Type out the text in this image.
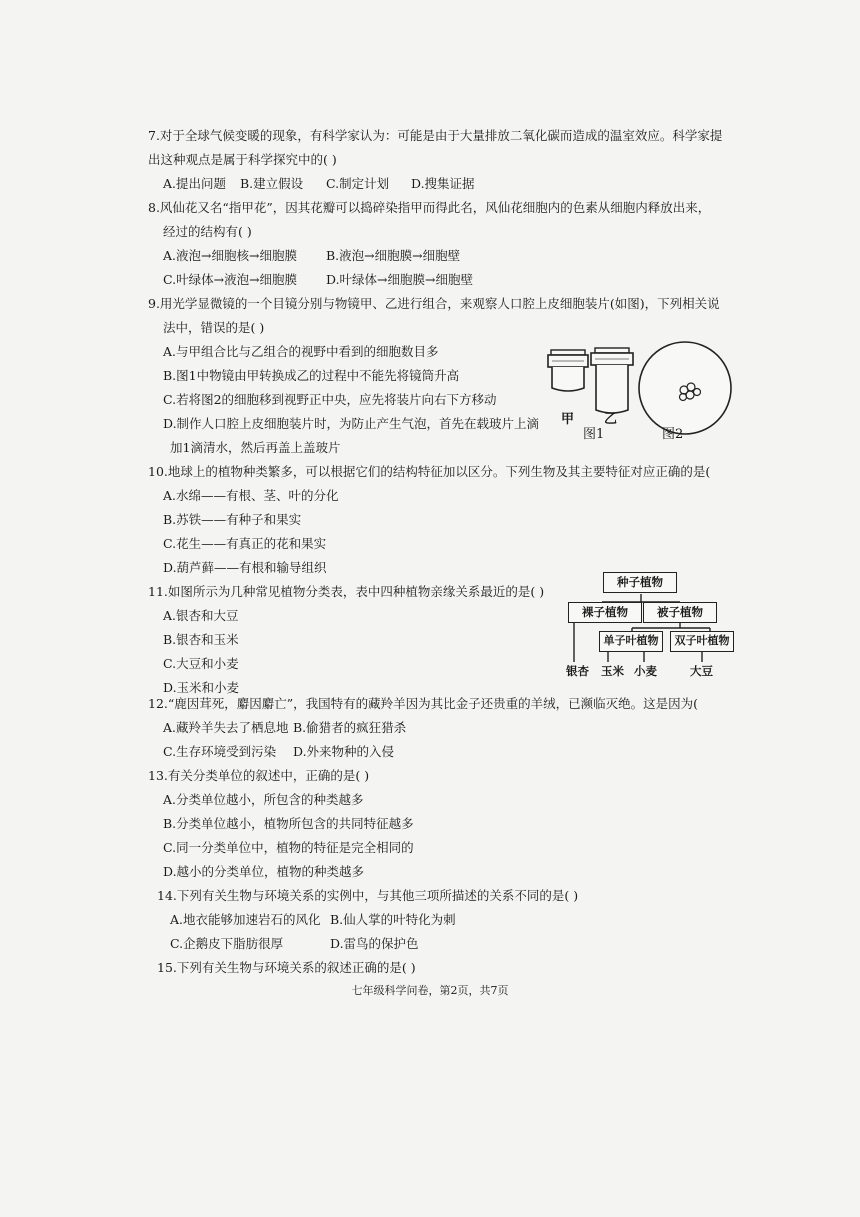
7.对于全球气候变暖的现象，有科学家认为：可能是由于大量排放二氧化碳而造成的温室效应。科学家提
出这种观点是属于科学探究中的( )
A.提出问题 B.建立假设 C.制定计划 D.搜集证据
8.风仙花又名“指甲花”，因其花瓣可以捣碎染指甲而得此名，风仙花细胞内的色素从细胞内释放出来，
经过的结构有( )
A.液泡→细胞核→细胞膜 B.液泡→细胞膜→细胞壁
C.叶绿体→液泡→细胞膜 D.叶绿体→细胞膜→细胞壁
9.用光学显微镜的一个目镜分别与物镜甲、乙进行组合，来观察人口腔上皮细胞装片(如图)，下列相关说
法中，错误的是( )
A.与甲组合比与乙组合的视野中看到的细胞数目多
B.图1中物镜由甲转换成乙的过程中不能先将镜筒升高
C.若将图2的细胞移到视野正中央，应先将装片向右下方移动
D.制作人口腔上皮细胞装片时，为防止产生气泡，首先在载玻片上滴
加1滴清水，然后再盖上盖玻片
甲 乙
图1	图2
10.地球上的植物种类繁多，可以根据它们的结构特征加以区分。下列生物及其主要特征对应正确的是(
A.水绵——有根、茎、叶的分化
B.苏铁——有种子和果实
C.花生——有真正的花和果实
D.葫芦藓——有根和输导组织
11.如图所示为几种常见植物分类表，表中四种植物亲缘关系最近的是( )
A.银杏和大豆
B.银杏和玉米
C.大豆和小麦
D.玉米和小麦
种子植物
裸子植物	被子植物
单子叶植物	双子叶植物
银杏 玉米 小麦	大豆
12.“鹿因茸死，麝因麝亡”，我国特有的藏羚羊因为其比金子还贵重的羊绒，已濒临灭绝。这是因为(
A.藏羚羊失去了栖息地 B.偷猎者的疯狂猎杀
C.生存环境受到污染 D.外来物种的入侵
13.有关分类单位的叙述中，正确的是( )
A.分类单位越小，所包含的种类越多
B.分类单位越小，植物所包含的共同特征越多
C.同一分类单位中，植物的特征是完全相同的
D.越小的分类单位，植物的种类越多
14.下列有关生物与环境关系的实例中，与其他三项所描述的关系不同的是( )
A.地衣能够加速岩石的风化 B.仙人掌的叶特化为刺
C.企鹅皮下脂肪很厚	D.雷鸟的保护色
15.下列有关生物与环境关系的叙述正确的是( )
七年级科学问卷，第2页，共7页
